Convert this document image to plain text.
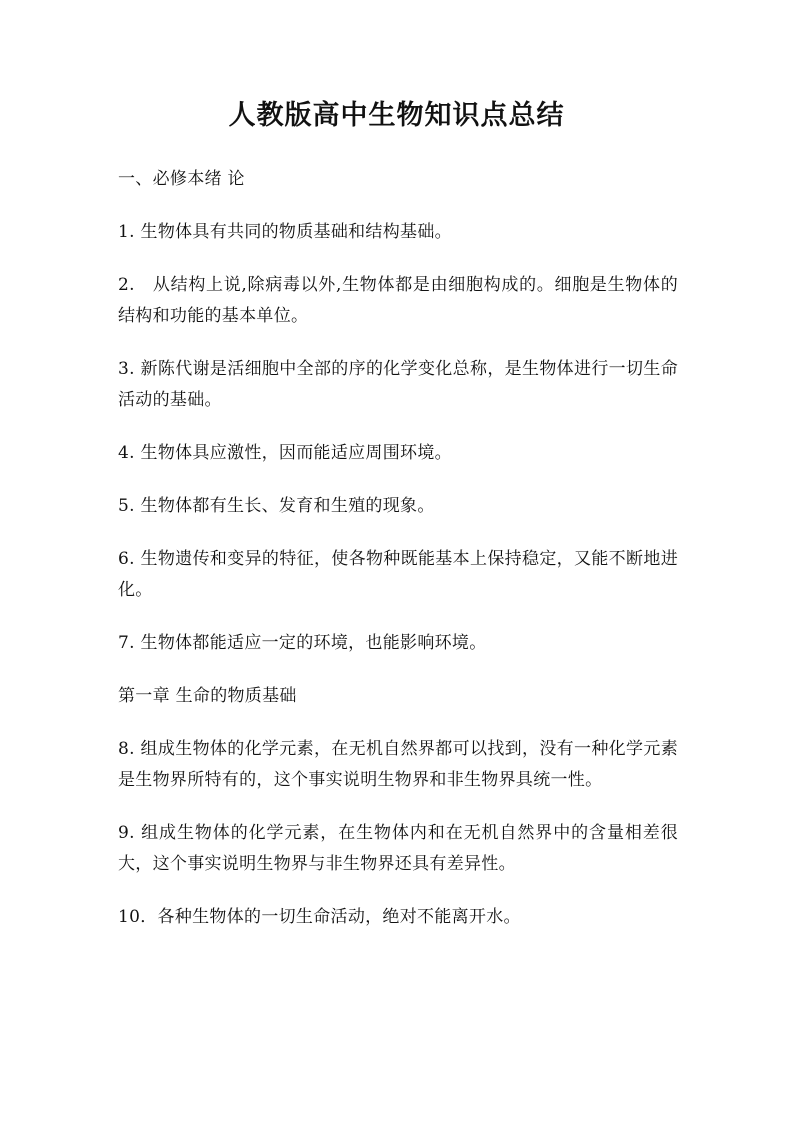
人教版高中生物知识点总结

一、必修本绪 论

1. 生物体具有共同的物质基础和结构基础。

2.　从结构上说,除病毒以外,生物体都是由细胞构成的。细胞是生物体的结构和功能的基本单位。

3. 新陈代谢是活细胞中全部的序的化学变化总称，是生物体进行一切生命活动的基础。

4. 生物体具应激性，因而能适应周围环境。

5. 生物体都有生长、发育和生殖的现象。

6. 生物遗传和变异的特征，使各物种既能基本上保持稳定，又能不断地进化。

7. 生物体都能适应一定的环境，也能影响环境。

第一章 生命的物质基础

8. 组成生物体的化学元素，在无机自然界都可以找到，没有一种化学元素是生物界所特有的，这个事实说明生物界和非生物界具统一性。

9. 组成生物体的化学元素，在生物体内和在无机自然界中的含量相差很大，这个事实说明生物界与非生物界还具有差异性。

10．各种生物体的一切生命活动，绝对不能离开水。
